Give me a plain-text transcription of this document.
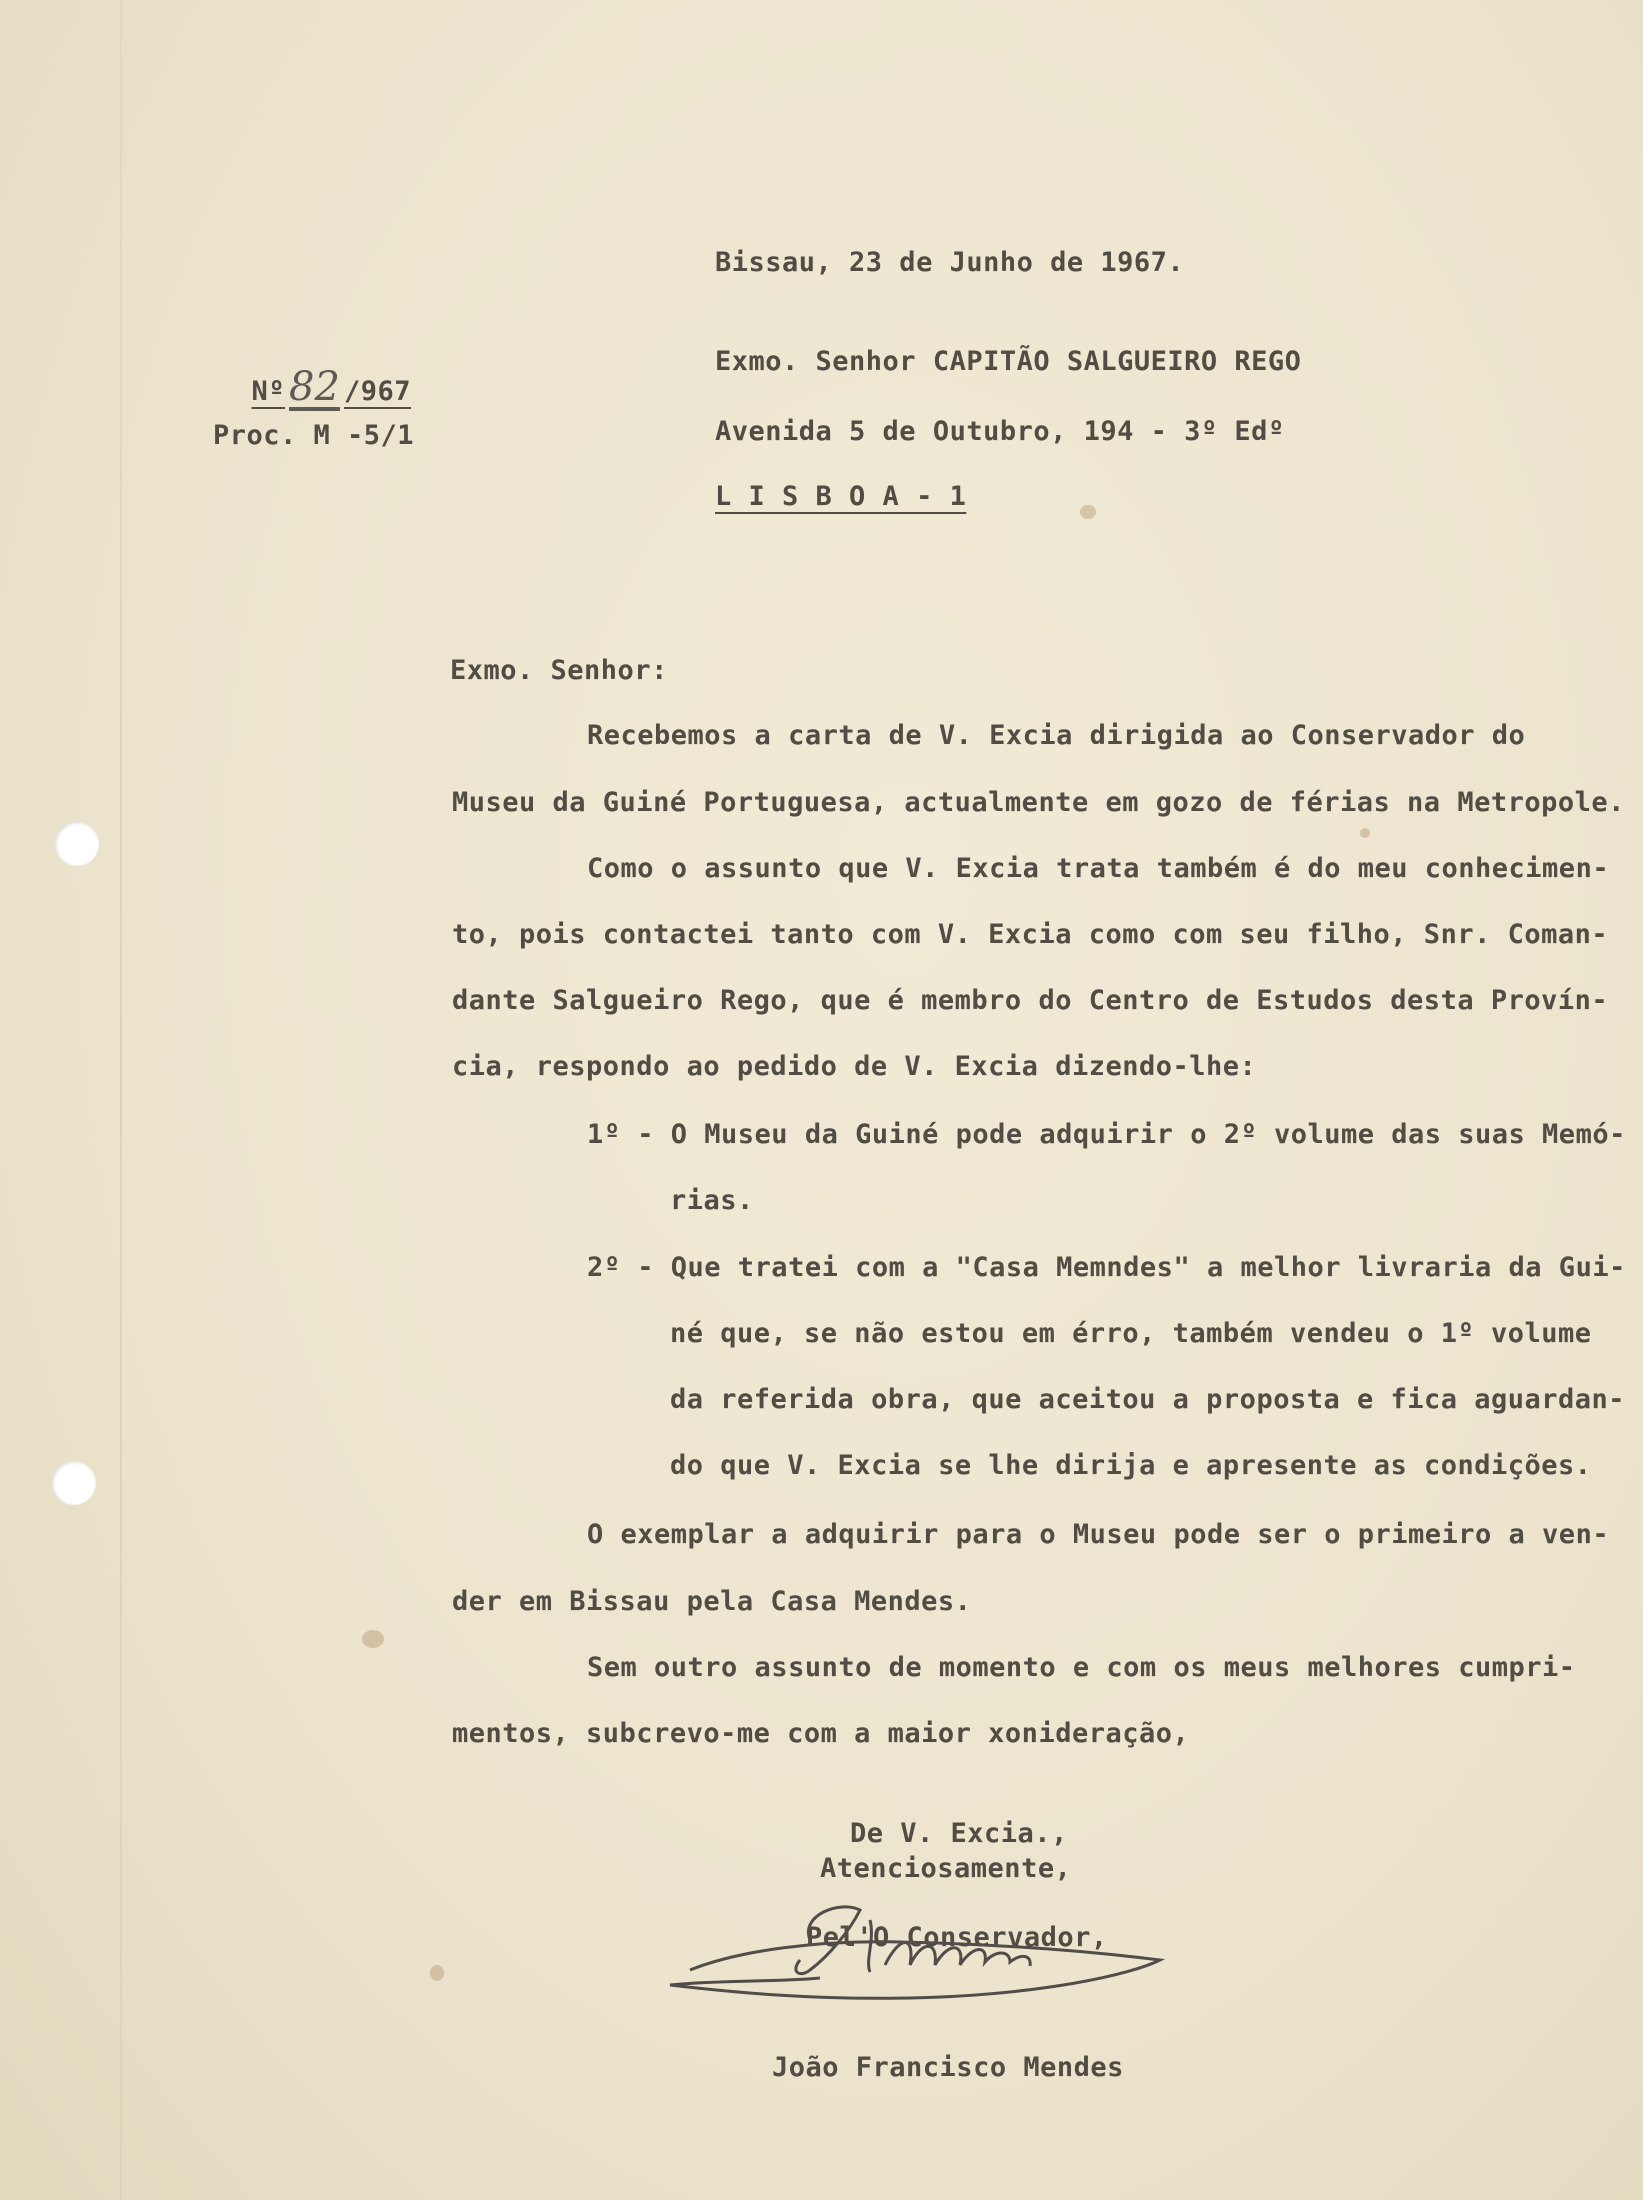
Bissau, 23 de Junho de 1967.

Nº 82 /967

Proc. M -5/1
Exmo. Senhor CAPITÃO SALGUEIRO REGO
Avenida 5 de Outubro, 194 - 3º Edº
L I S B O A - 1
Exmo. Senhor:
Recebemos a carta de V. Excia dirigida ao Conservador do
Museu da Guiné Portuguesa, actualmente em gozo de férias na Metropole.
Como o assunto que V. Excia trata também é do meu conhecimen-
to, pois contactei tanto com V. Excia como com seu filho, Snr. Coman-
dante Salgueiro Rego, que é membro do Centro de Estudos desta Provín-
cia, respondo ao pedido de V. Excia dizendo-lhe:
1º - O Museu da Guiné pode adquirir o 2º volume das suas Memó-
rias.
2º - Que tratei com a "Casa Memndes" a melhor livraria da Gui-
né que, se não estou em érro, também vendeu o 1º volume
da referida obra, que aceitou a proposta e fica aguardan-
do que V. Excia se lhe dirija e apresente as condições.
O exemplar a adquirir para o Museu pode ser o primeiro a ven-
der em Bissau pela Casa Mendes.
Sem outro assunto de momento e com os meus melhores cumpri-
mentos, subcrevo-me com a maior xonideração,
De V. Excia.,
Atenciosamente,
Pel'O Conservador,
João Francisco Mendes
